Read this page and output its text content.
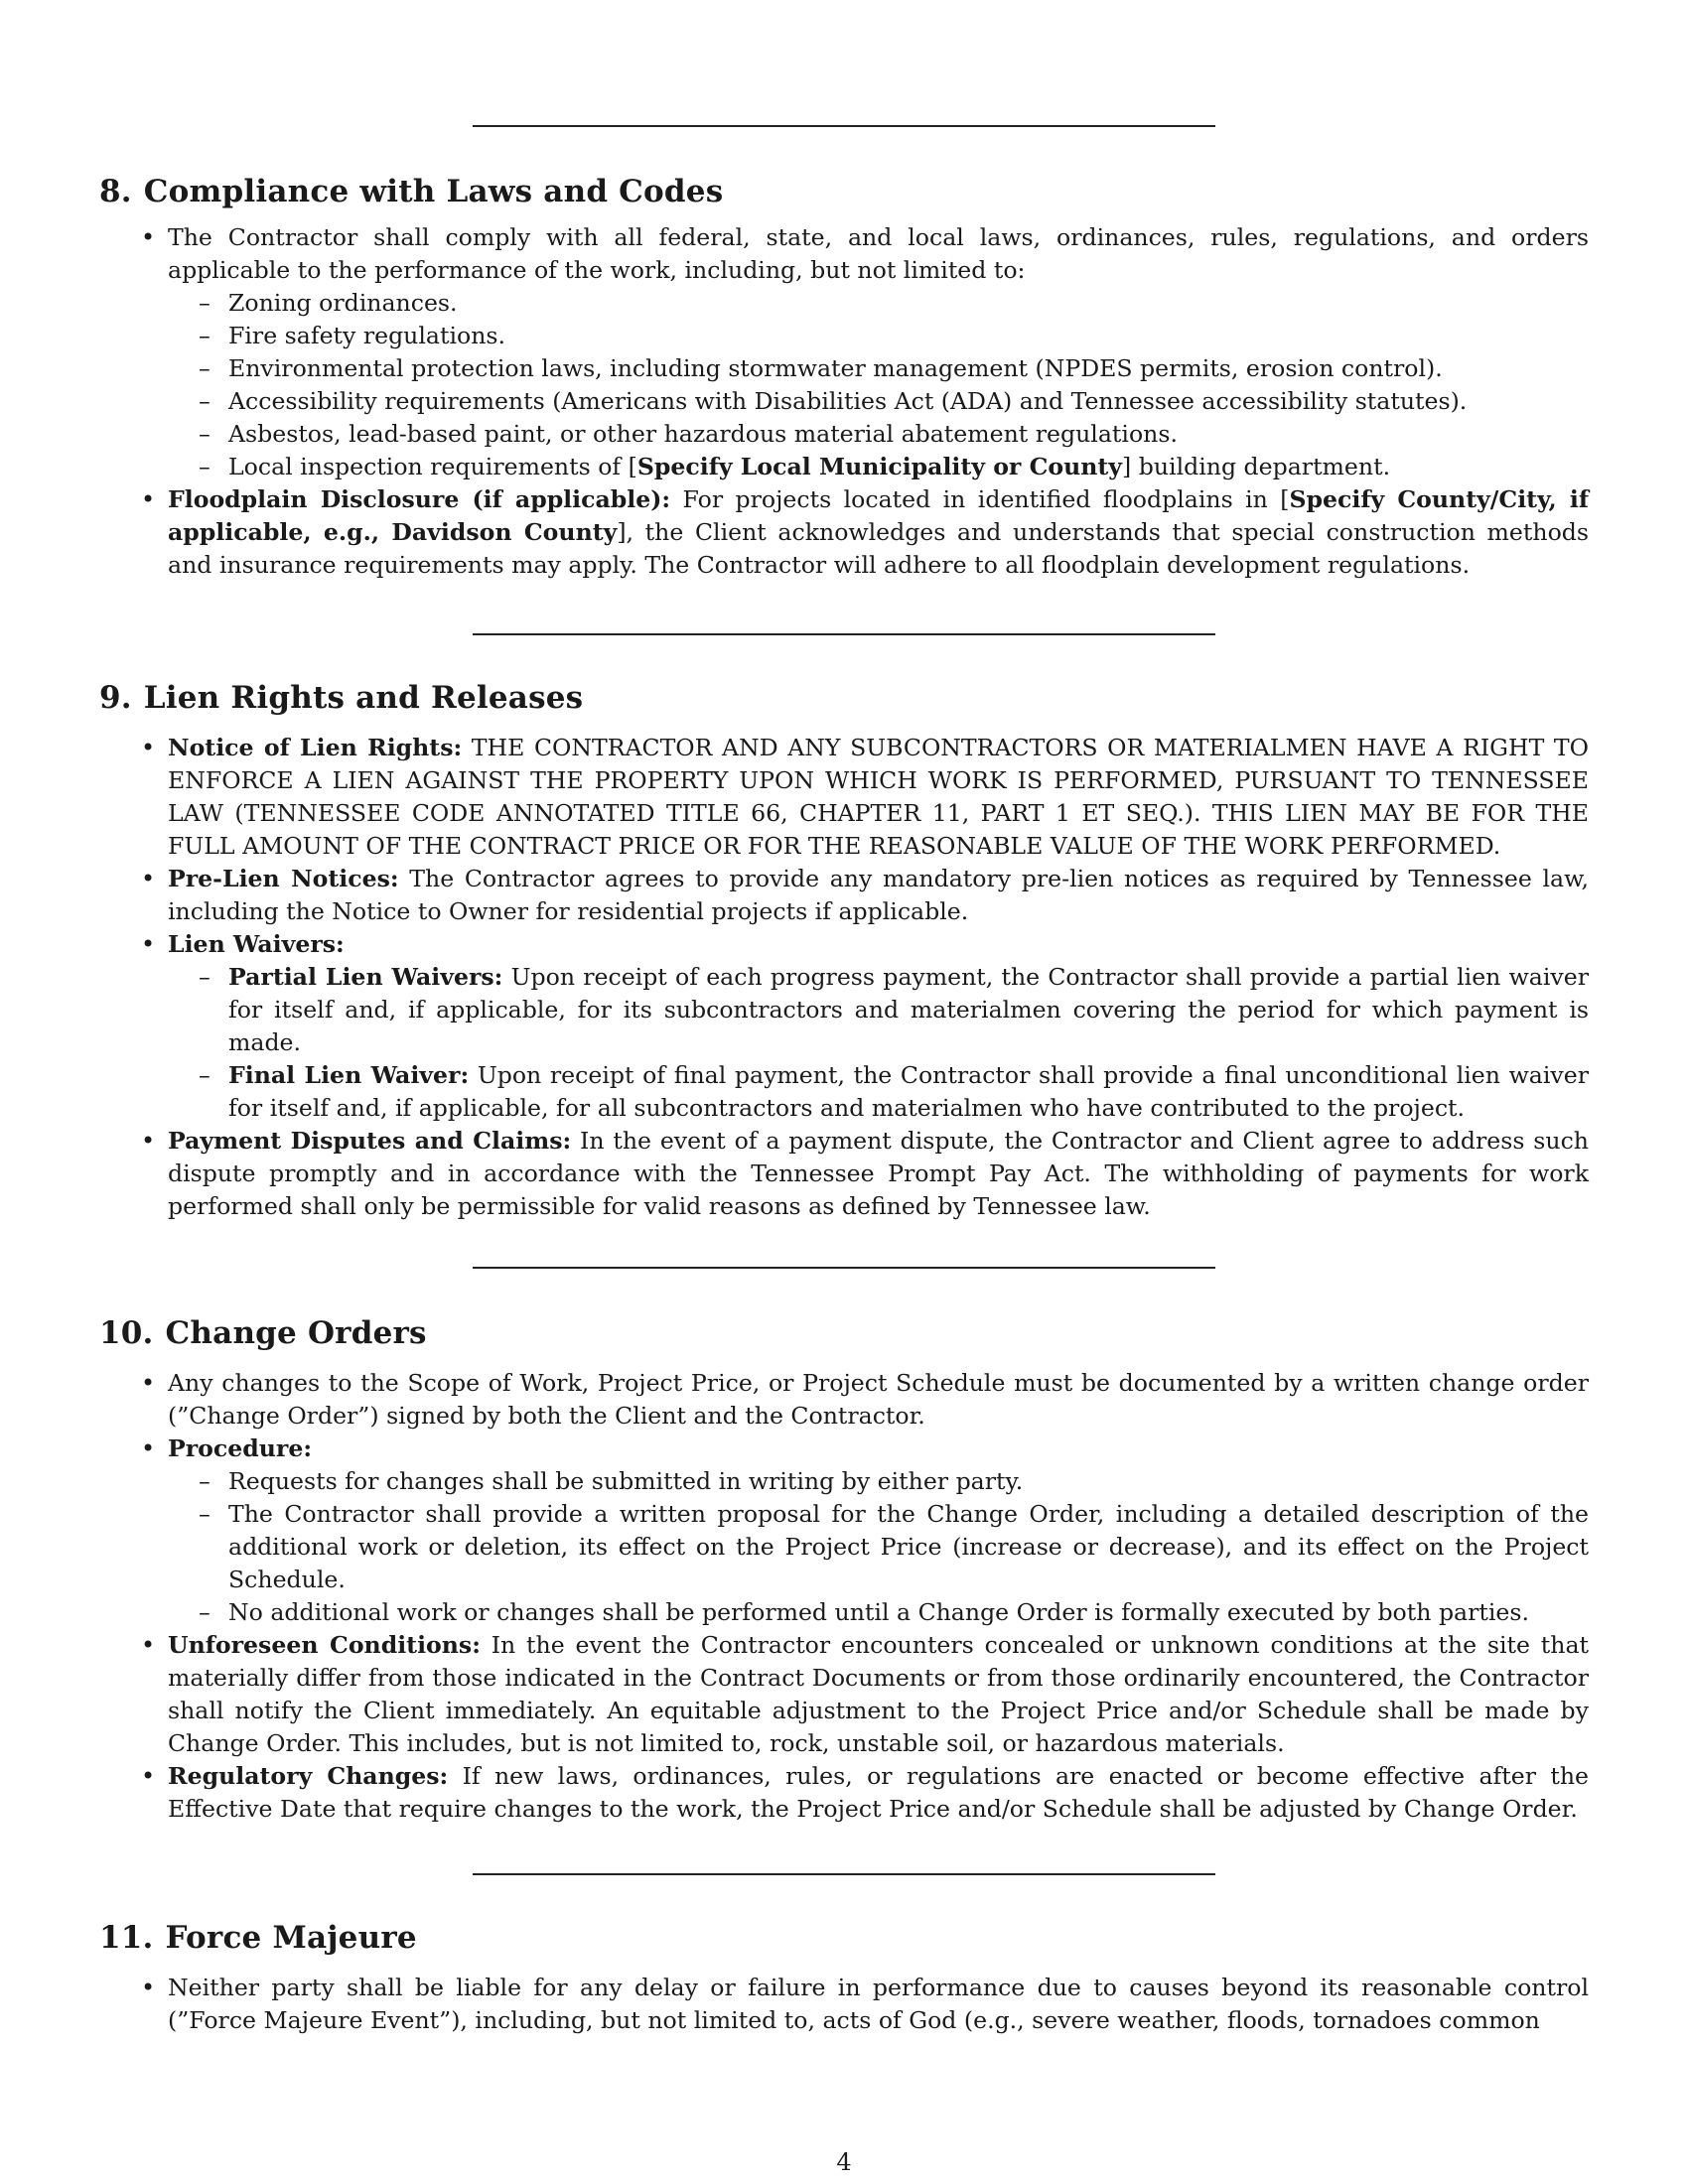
8. Compliance with Laws and Codes
• The Contractor shall comply with all federal, state, and local laws, ordinances, rules, regulations, and orders applicable to the performance of the work, including, but not limited to:
– Zoning ordinances.
– Fire safety regulations.
– Environmental protection laws, including stormwater management (NPDES permits, erosion control).
– Accessibility requirements (Americans with Disabilities Act (ADA) and Tennessee accessibility statutes).
– Asbestos, lead-based paint, or other hazardous material abatement regulations.
– Local inspection requirements of [Specify Local Municipality or County] building department.
• Floodplain Disclosure (if applicable): For projects located in identified floodplains in [Specify County/City, if applicable, e.g., Davidson County], the Client acknowledges and understands that special construction methods and insurance requirements may apply. The Contractor will adhere to all floodplain development regulations.
9. Lien Rights and Releases
• Notice of Lien Rights: THE CONTRACTOR AND ANY SUBCONTRACTORS OR MATERIALMEN HAVE A RIGHT TO ENFORCE A LIEN AGAINST THE PROPERTY UPON WHICH WORK IS PERFORMED, PURSUANT TO TENNESSEE LAW (TENNESSEE CODE ANNOTATED TITLE 66, CHAPTER 11, PART 1 ET SEQ.). THIS LIEN MAY BE FOR THE FULL AMOUNT OF THE CONTRACT PRICE OR FOR THE REASONABLE VALUE OF THE WORK PERFORMED.
• Pre-Lien Notices: The Contractor agrees to provide any mandatory pre-lien notices as required by Tennessee law, including the Notice to Owner for residential projects if applicable.
• Lien Waivers:
– Partial Lien Waivers: Upon receipt of each progress payment, the Contractor shall provide a partial lien waiver for itself and, if applicable, for its subcontractors and materialmen covering the period for which payment is made.
– Final Lien Waiver: Upon receipt of final payment, the Contractor shall provide a final unconditional lien waiver for itself and, if applicable, for all subcontractors and materialmen who have contributed to the project.
• Payment Disputes and Claims: In the event of a payment dispute, the Contractor and Client agree to address such dispute promptly and in accordance with the Tennessee Prompt Pay Act. The withholding of payments for work performed shall only be permissible for valid reasons as defined by Tennessee law.
10. Change Orders
• Any changes to the Scope of Work, Project Price, or Project Schedule must be documented by a written change order (”Change Order”) signed by both the Client and the Contractor.
• Procedure:
– Requests for changes shall be submitted in writing by either party.
– The Contractor shall provide a written proposal for the Change Order, including a detailed description of the additional work or deletion, its effect on the Project Price (increase or decrease), and its effect on the Project Schedule.
– No additional work or changes shall be performed until a Change Order is formally executed by both parties.
• Unforeseen Conditions: In the event the Contractor encounters concealed or unknown conditions at the site that materially differ from those indicated in the Contract Documents or from those ordinarily encountered, the Contractor shall notify the Client immediately. An equitable adjustment to the Project Price and/or Schedule shall be made by Change Order. This includes, but is not limited to, rock, unstable soil, or hazardous materials.
• Regulatory Changes: If new laws, ordinances, rules, or regulations are enacted or become effective after the Effective Date that require changes to the work, the Project Price and/or Schedule shall be adjusted by Change Order.
11. Force Majeure
• Neither party shall be liable for any delay or failure in performance due to causes beyond its reasonable control (”Force Majeure Event”), including, but not limited to, acts of God (e.g., severe weather, floods, tornadoes common
4
